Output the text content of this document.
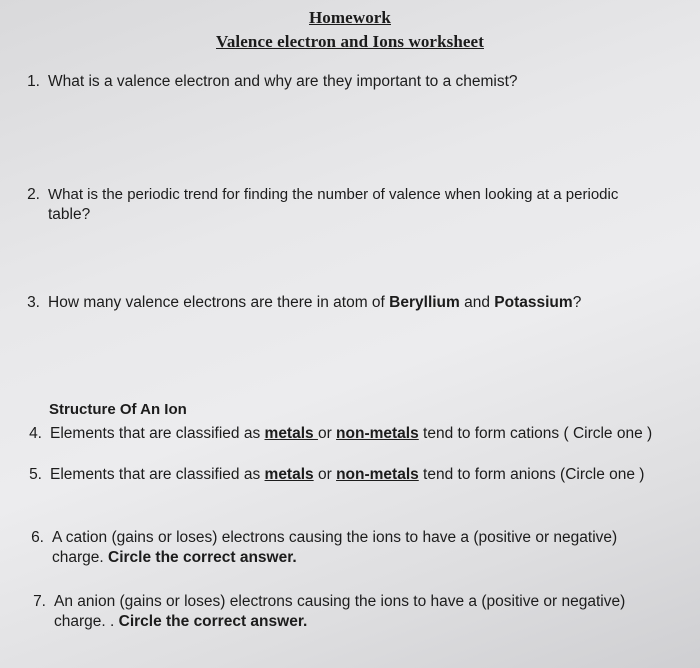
Homework
Valence electron and Ions worksheet
1. What is a valence electron and why are they important to a chemist?
2. What is the periodic trend for finding the number of valence when looking at a periodic
table?
3. How many valence electrons are there in atom of Beryllium and Potassium?
Structure Of An Ion
4. Elements that are classified as metals or non-metals tend to form cations ( Circle one )
5. Elements that are classified as metals or non-metals tend to form anions (Circle one )
6. A cation (gains or loses) electrons causing the ions to have a (positive or negative)
charge. Circle the correct answer.
7. An anion (gains or loses) electrons causing the ions to have a (positive or negative)
charge. . Circle the correct answer.
